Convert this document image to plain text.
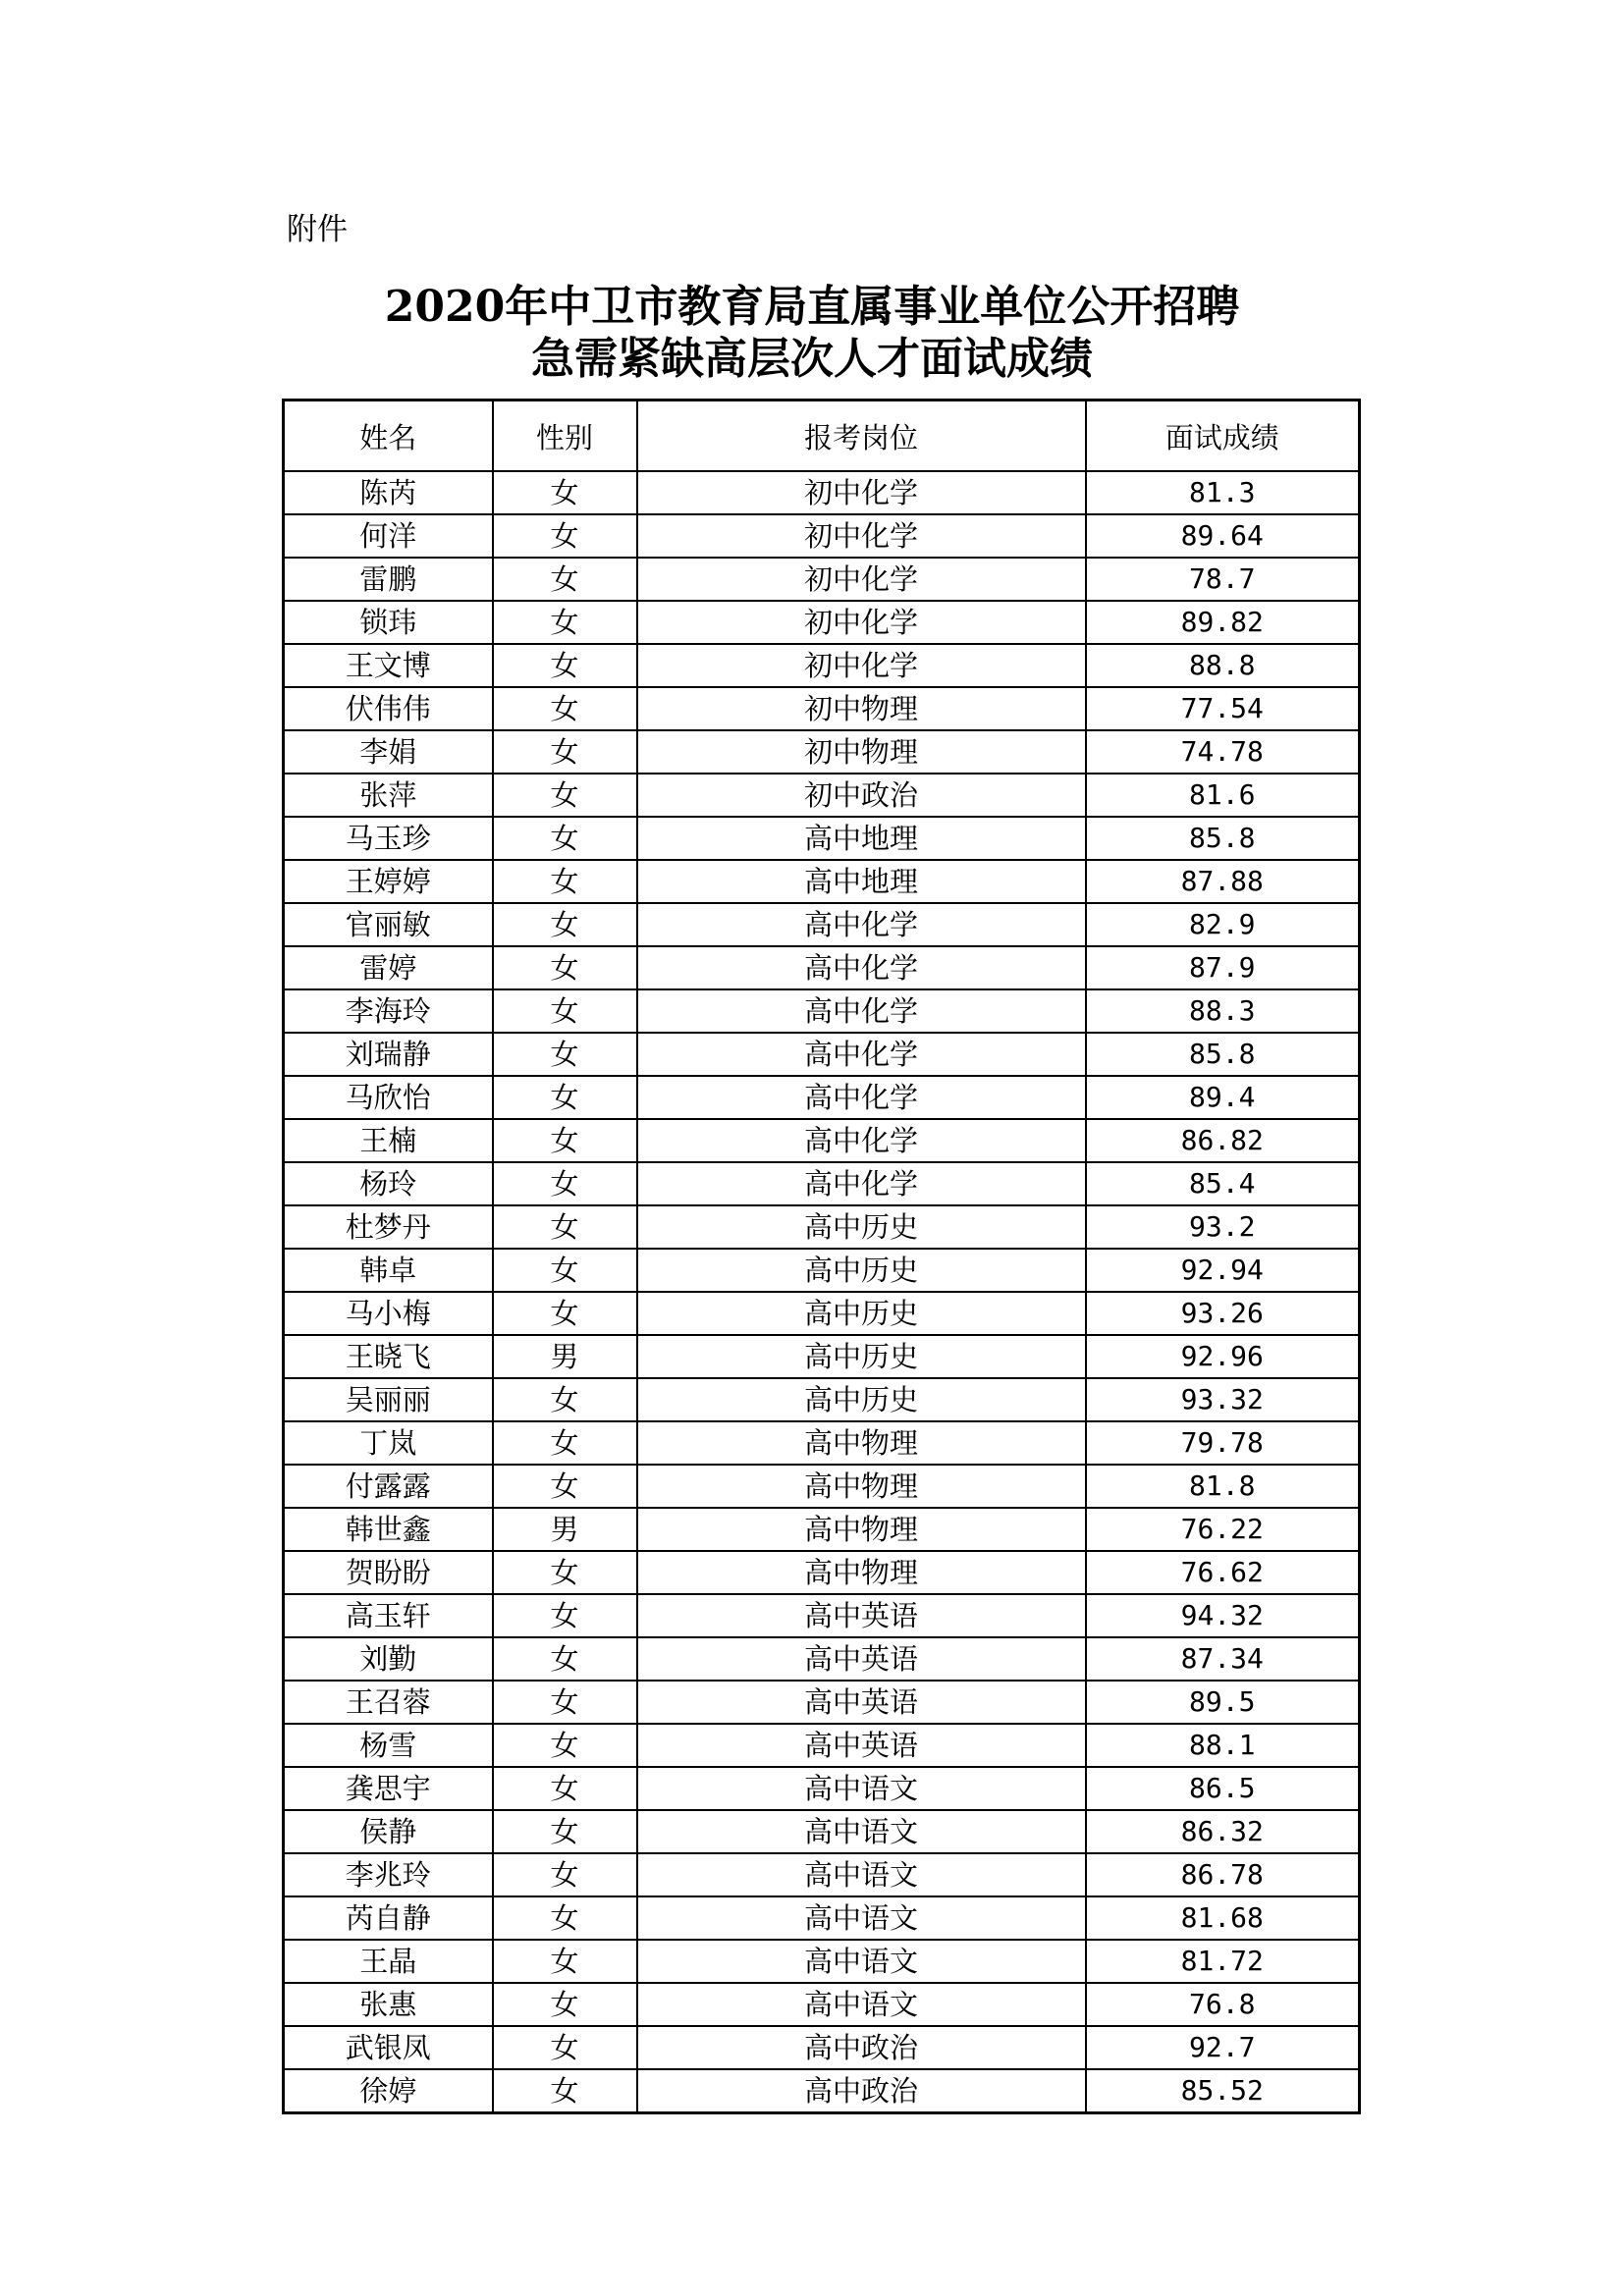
附件
2020年中卫市教育局直属事业单位公开招聘
急需紧缺高层次人才面试成绩
姓名	性别	报考岗位	面试成绩
陈芮	女	初中化学	81.3
何洋	女	初中化学	89.64
雷鹏	女	初中化学	78.7
锁玮	女	初中化学	89.82
王文博	女	初中化学	88.8
伏伟伟	女	初中物理	77.54
李娟	女	初中物理	74.78
张萍	女	初中政治	81.6
马玉珍	女	高中地理	85.8
王婷婷	女	高中地理	87.88
官丽敏	女	高中化学	82.9
雷婷	女	高中化学	87.9
李海玲	女	高中化学	88.3
刘瑞静	女	高中化学	85.8
马欣怡	女	高中化学	89.4
王楠	女	高中化学	86.82
杨玲	女	高中化学	85.4
杜梦丹	女	高中历史	93.2
韩卓	女	高中历史	92.94
马小梅	女	高中历史	93.26
王晓飞	男	高中历史	92.96
吴丽丽	女	高中历史	93.32
丁岚	女	高中物理	79.78
付露露	女	高中物理	81.8
韩世鑫	男	高中物理	76.22
贺盼盼	女	高中物理	76.62
高玉轩	女	高中英语	94.32
刘勤	女	高中英语	87.34
王召蓉	女	高中英语	89.5
杨雪	女	高中英语	88.1
龚思宇	女	高中语文	86.5
侯静	女	高中语文	86.32
李兆玲	女	高中语文	86.78
芮自静	女	高中语文	81.68
王晶	女	高中语文	81.72
张惠	女	高中语文	76.8
武银凤	女	高中政治	92.7
徐婷	女	高中政治	85.52
